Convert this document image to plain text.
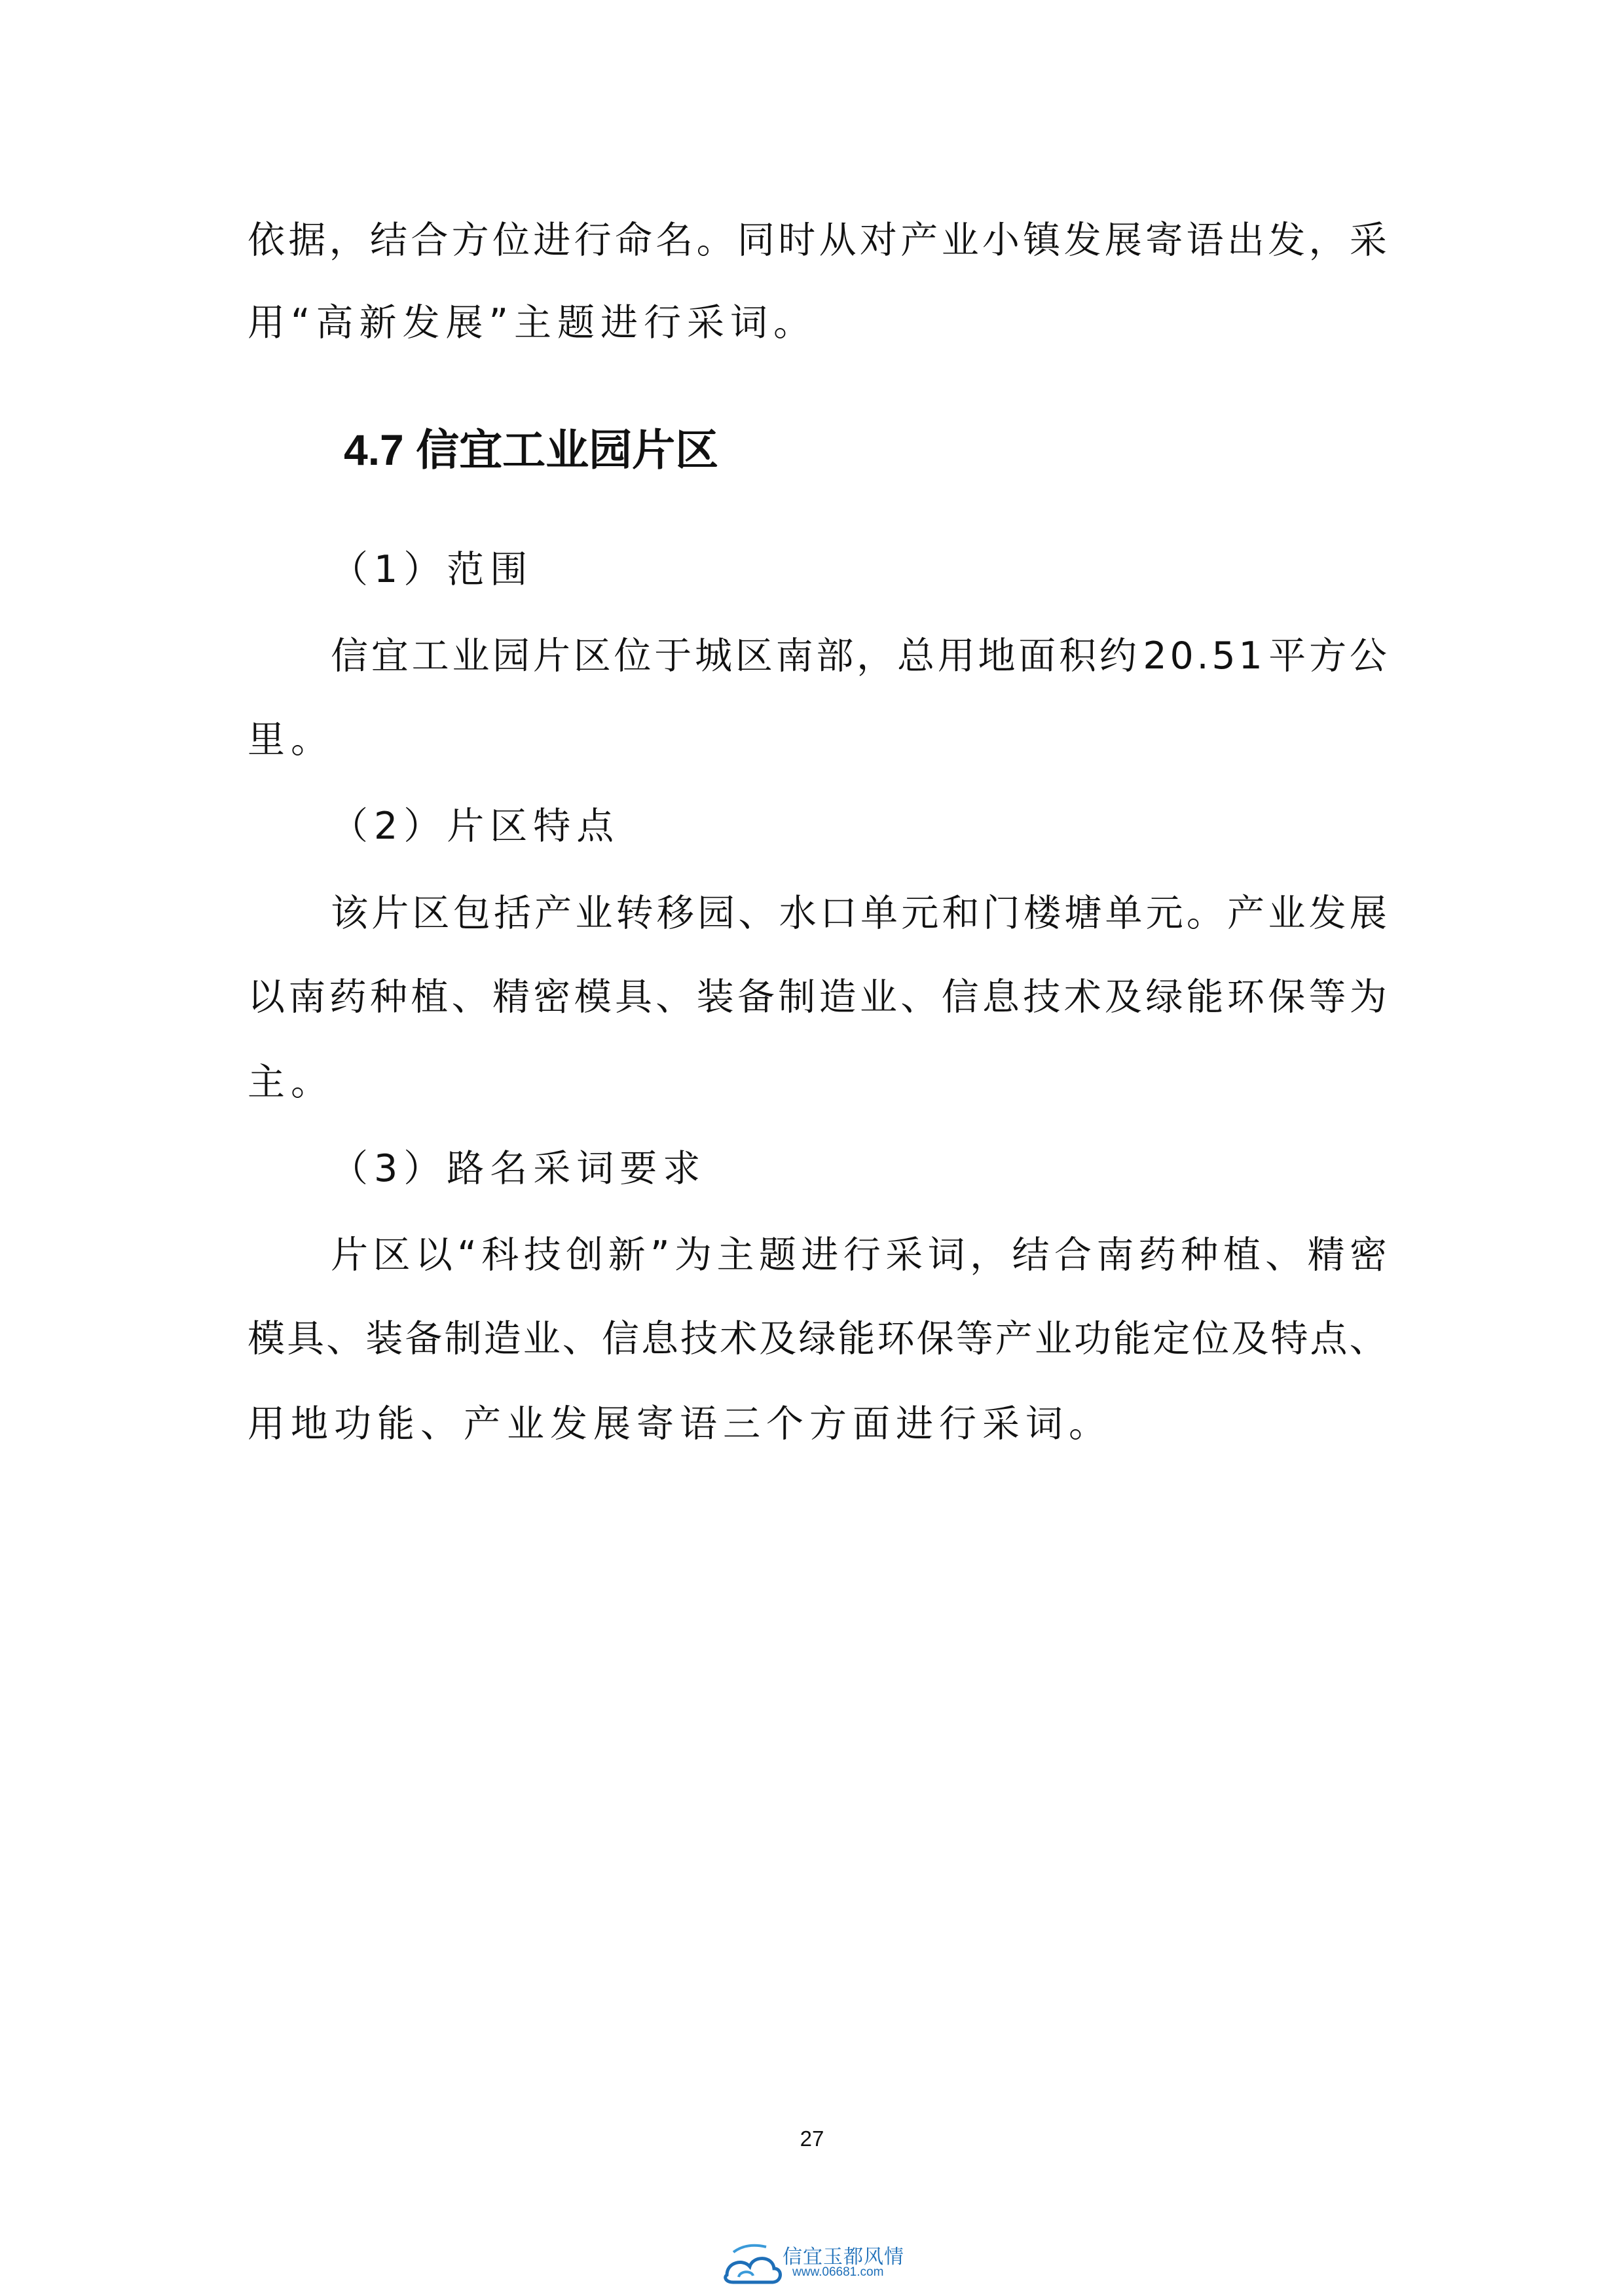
依 据 ， 结 合 方 位 进 行 命 名 。 同 时 从 对 产 业 小 镇 发 展 寄 语 出 发 ， 采
用“高新发展”主题进行采词。
4.7 信宜工业园片区
（1）范围
信 宜 工 业 园 片 区 位 于 城 区 南 部 ， 总 用 地 面 积 约 2 0 . 5 1 平 方 公
里。
（2）片区特点
该 片 区 包 括 产 业 转 移 园 、 水 口 单 元 和 门 楼 塘 单 元 。 产 业 发 展
以 南 药 种 植 、 精 密 模 具 、 装 备 制 造 业 、 信 息 技 术 及 绿 能 环 保 等 为
主。
（3）路名采词要求
片 区 以 “ 科 技 创 新 ” 为 主 题 进 行 采 词 ， 结 合 南 药 种 植 、 精 密
模 具 、 装 备 制 造 业 、 信 息 技 术 及 绿 能 环 保 等 产 业 功 能 定 位 及 特 点 、
用地功能、产业发展寄语三个方面进行采词。
27
信宜玉都风情
www.06681.com
